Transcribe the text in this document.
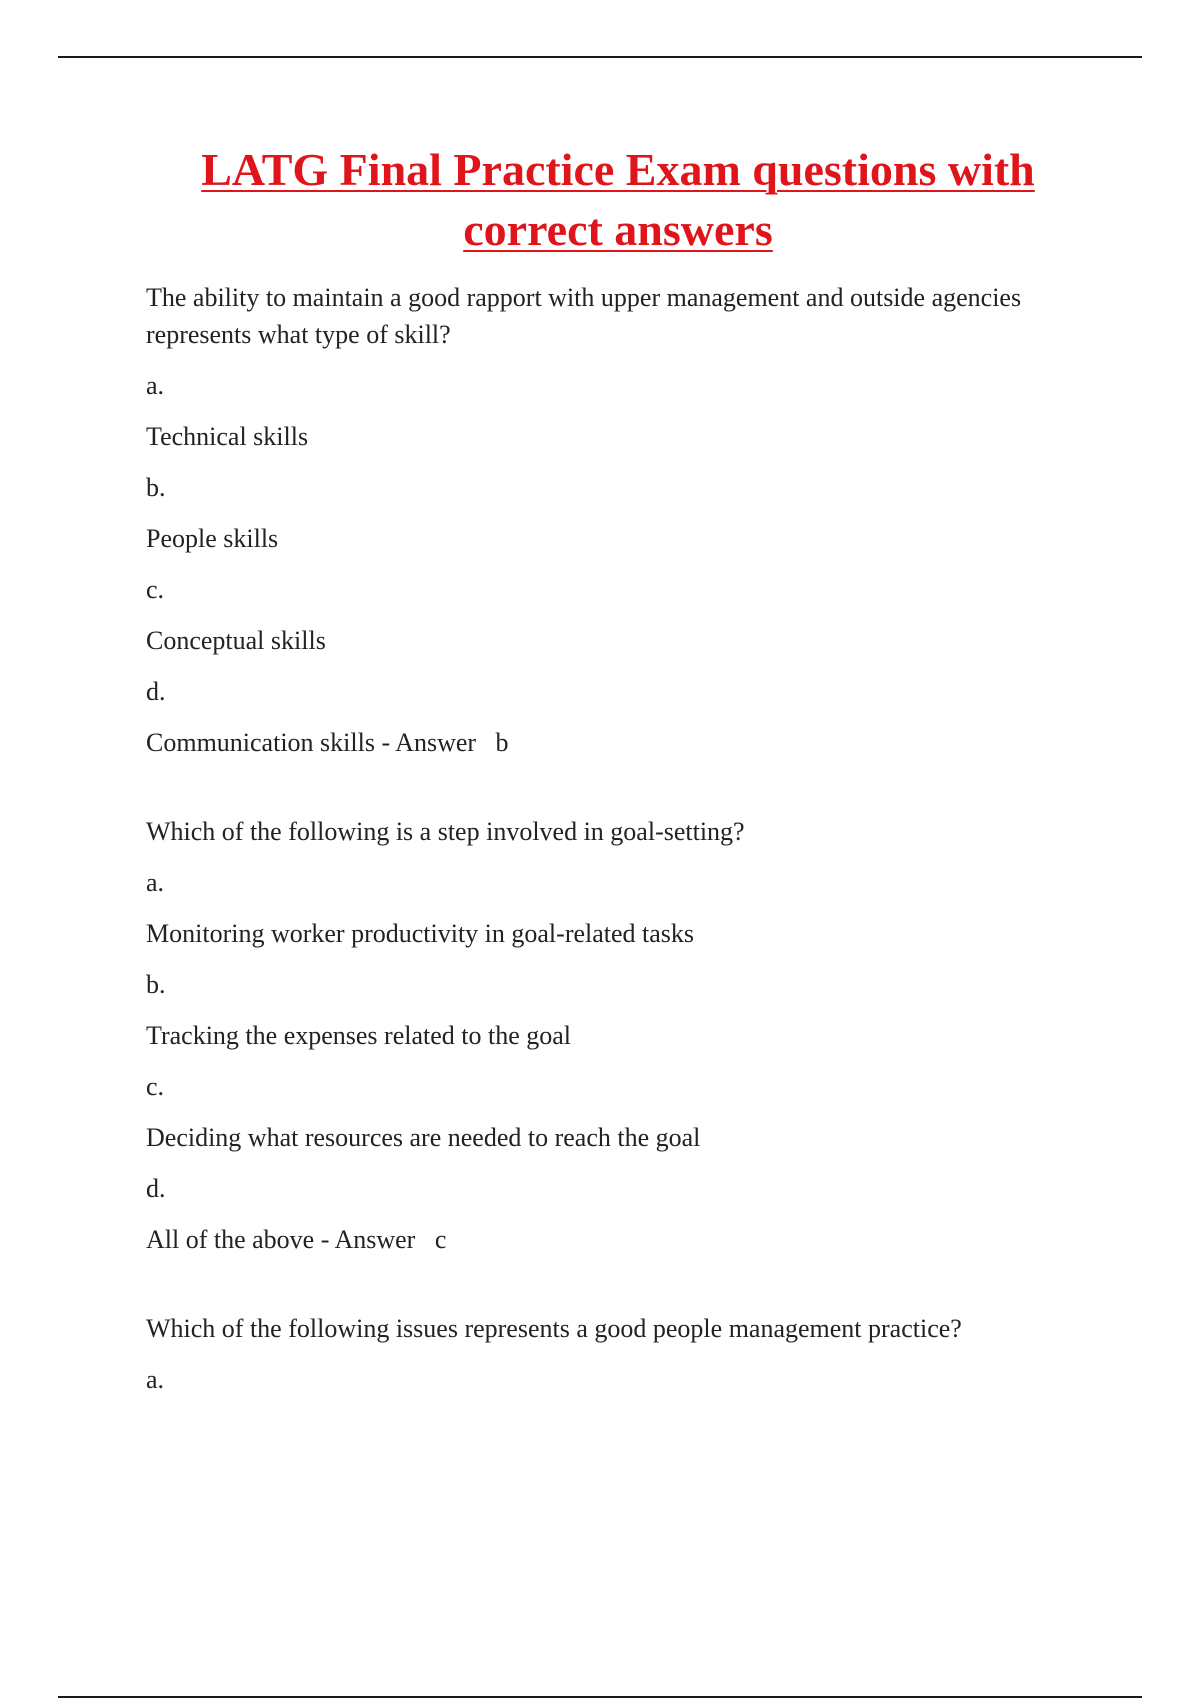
LATG Final Practice Exam questions with correct answers

The ability to maintain a good rapport with upper management and outside agencies represents what type of skill?

a.

Technical skills

b.

People skills

c.

Conceptual skills

d.

Communication skills - Answer   b

Which of the following is a step involved in goal-setting?

a.

Monitoring worker productivity in goal-related tasks

b.

Tracking the expenses related to the goal

c.

Deciding what resources are needed to reach the goal

d.

All of the above - Answer   c

Which of the following issues represents a good people management practice?

a.
